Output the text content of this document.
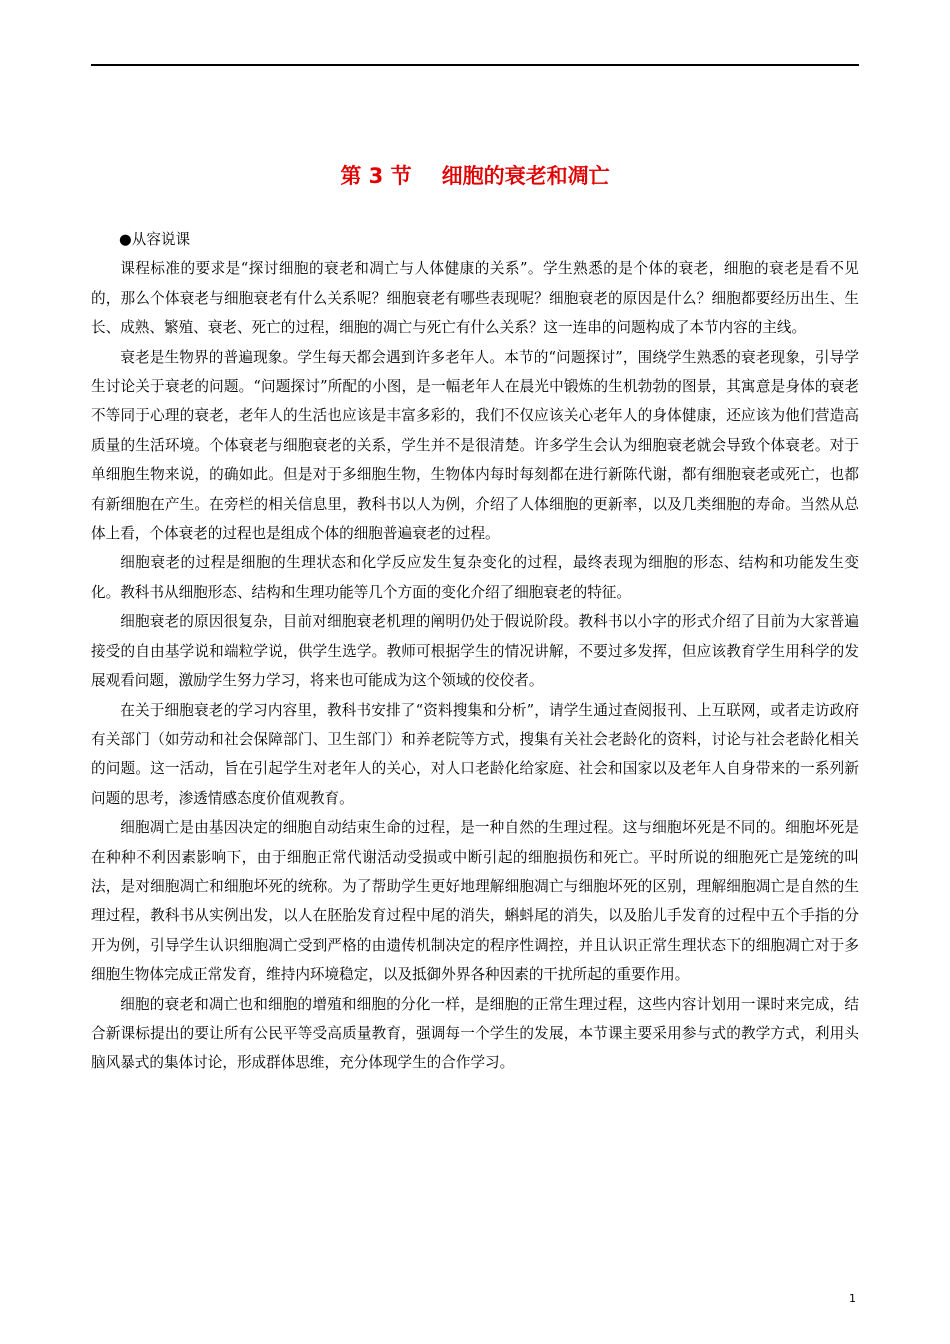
第 3 节 细胞的衰老和凋亡

●从容说课

课程标准的要求是“探讨细胞的衰老和凋亡与人体健康的关系”。学生熟悉的是个体的衰老，细胞的衰老是看不见的，那么个体衰老与细胞衰老有什么关系呢？细胞衰老有哪些表现呢？细胞衰老的原因是什么？细胞都要经历出生、生长、成熟、繁殖、衰老、死亡的过程，细胞的凋亡与死亡有什么关系？这一连串的问题构成了本节内容的主线。

衰老是生物界的普遍现象。学生每天都会遇到许多老年人。本节的“问题探讨”，围绕学生熟悉的衰老现象，引导学生讨论关于衰老的问题。“问题探讨”所配的小图，是一幅老年人在晨光中锻炼的生机勃勃的图景，其寓意是身体的衰老不等同于心理的衰老，老年人的生活也应该是丰富多彩的，我们不仅应该关心老年人的身体健康，还应该为他们营造高质量的生活环境。个体衰老与细胞衰老的关系，学生并不是很清楚。许多学生会认为细胞衰老就会导致个体衰老。对于单细胞生物来说，的确如此。但是对于多细胞生物，生物体内每时每刻都在进行新陈代谢，都有细胞衰老或死亡，也都有新细胞在产生。在旁栏的相关信息里，教科书以人为例，介绍了人体细胞的更新率，以及几类细胞的寿命。当然从总体上看，个体衰老的过程也是组成个体的细胞普遍衰老的过程。

细胞衰老的过程是细胞的生理状态和化学反应发生复杂变化的过程，最终表现为细胞的形态、结构和功能发生变化。教科书从细胞形态、结构和生理功能等几个方面的变化介绍了细胞衰老的特征。

细胞衰老的原因很复杂，目前对细胞衰老机理的阐明仍处于假说阶段。教科书以小字的形式介绍了目前为大家普遍接受的自由基学说和端粒学说，供学生选学。教师可根据学生的情况讲解，不要过多发挥，但应该教育学生用科学的发展观看问题，激励学生努力学习，将来也可能成为这个领域的佼佼者。

在关于细胞衰老的学习内容里，教科书安排了“资料搜集和分析”，请学生通过查阅报刊、上互联网，或者走访政府有关部门（如劳动和社会保障部门、卫生部门）和养老院等方式，搜集有关社会老龄化的资料，讨论与社会老龄化相关的问题。这一活动，旨在引起学生对老年人的关心，对人口老龄化给家庭、社会和国家以及老年人自身带来的一系列新问题的思考，渗透情感态度价值观教育。

细胞凋亡是由基因决定的细胞自动结束生命的过程，是一种自然的生理过程。这与细胞坏死是不同的。细胞坏死是在种种不利因素影响下，由于细胞正常代谢活动受损或中断引起的细胞损伤和死亡。平时所说的细胞死亡是笼统的叫法，是对细胞凋亡和细胞坏死的统称。为了帮助学生更好地理解细胞凋亡与细胞坏死的区别，理解细胞凋亡是自然的生理过程，教科书从实例出发，以人在胚胎发育过程中尾的消失，蝌蚪尾的消失，以及胎儿手发育的过程中五个手指的分开为例，引导学生认识细胞凋亡受到严格的由遗传机制决定的程序性调控，并且认识正常生理状态下的细胞凋亡对于多细胞生物体完成正常发育，维持内环境稳定，以及抵御外界各种因素的干扰所起的重要作用。

细胞的衰老和凋亡也和细胞的增殖和细胞的分化一样，是细胞的正常生理过程，这些内容计划用一课时来完成，结合新课标提出的要让所有公民平等受高质量教育，强调每一个学生的发展，本节课主要采用参与式的教学方式，利用头脑风暴式的集体讨论，形成群体思维，充分体现学生的合作学习。

1
